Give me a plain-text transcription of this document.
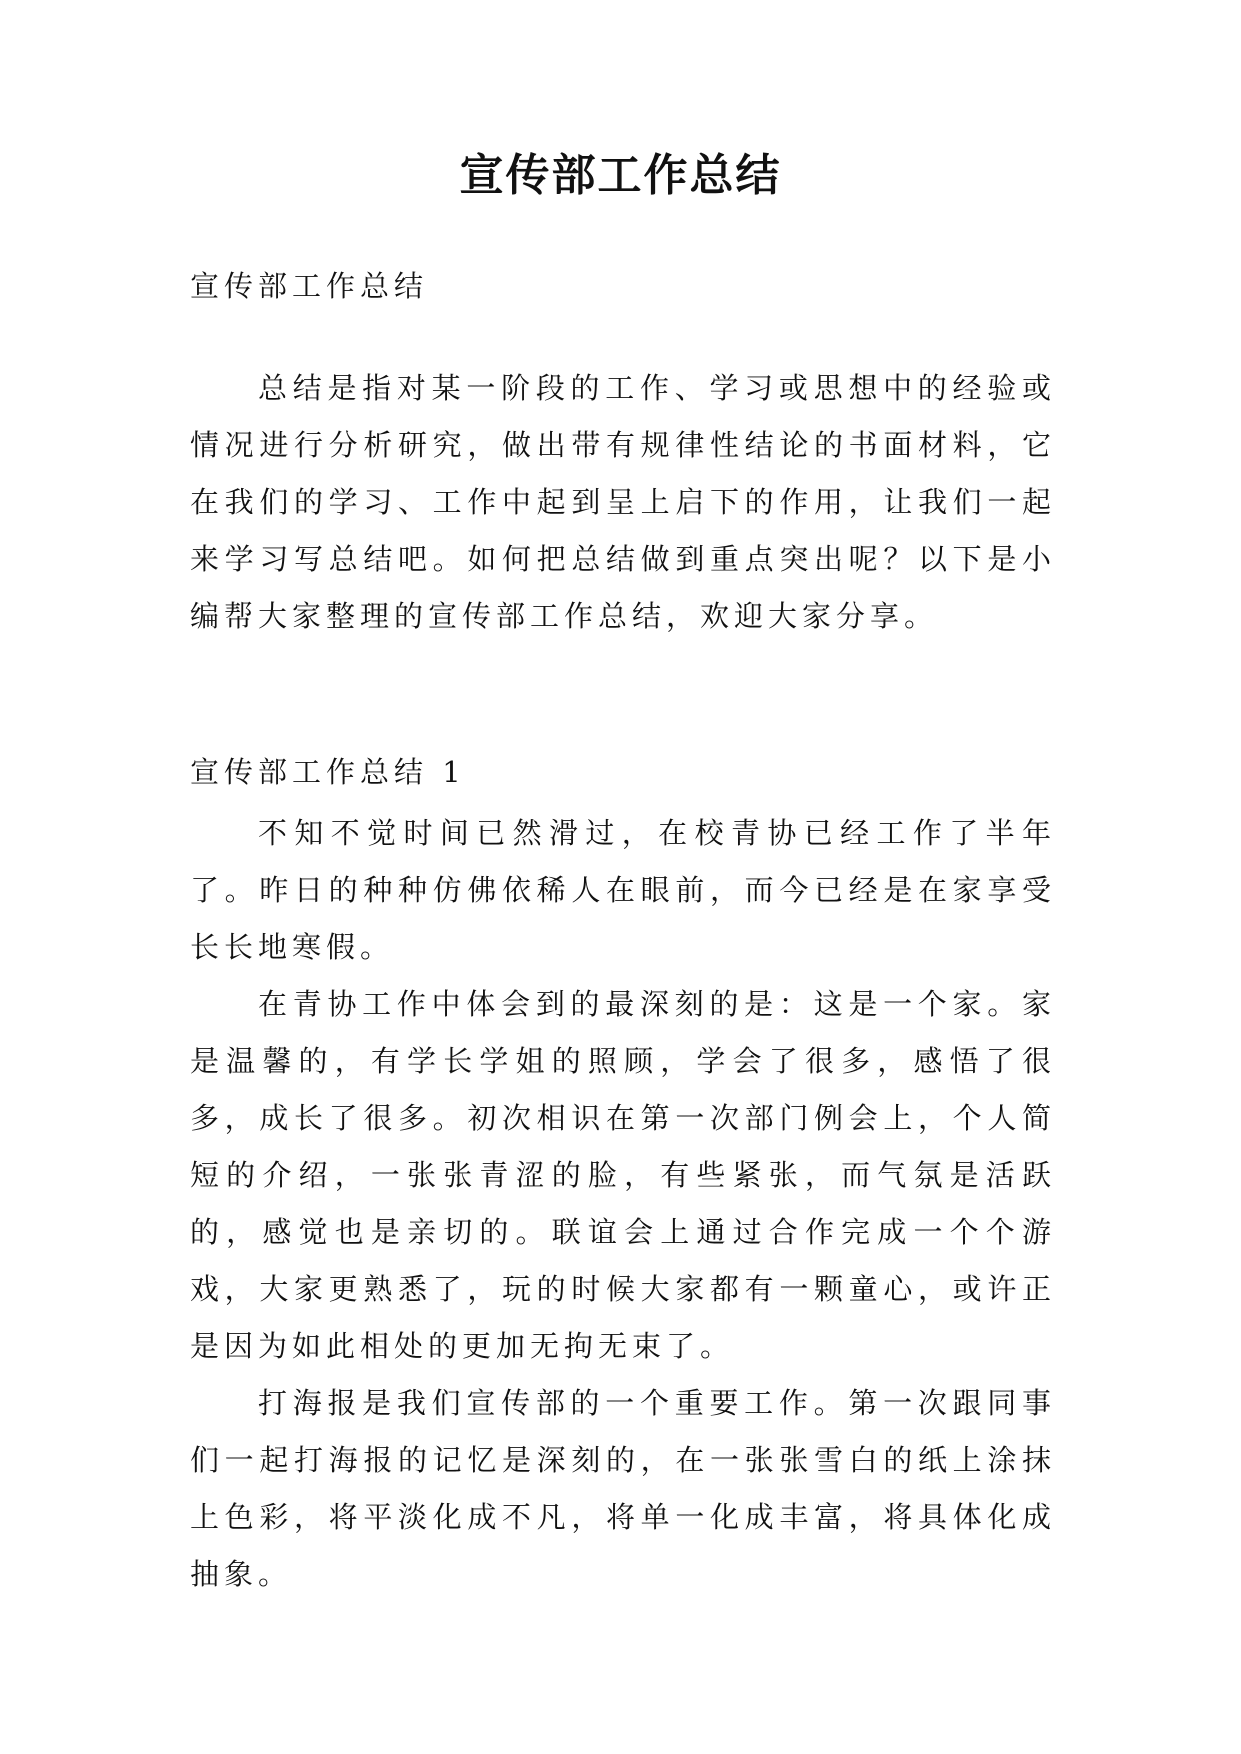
宣传部工作总结
宣传部工作总结

总结是指对某一阶段的工作、学习或思想中的经验或情况进行分析研究，做出带有规律性结论的书面材料，它在我们的学习、工作中起到呈上启下的作用，让我们一起来学习写总结吧。如何把总结做到重点突出呢？以下是小编帮大家整理的宣传部工作总结，欢迎大家分享。

宣传部工作总结 1

不知不觉时间已然滑过，在校青协已经工作了半年了。昨日的种种仿佛依稀人在眼前，而今已经是在家享受长长地寒假。

在青协工作中体会到的最深刻的是：这是一个家。家是温馨的，有学长学姐的照顾，学会了很多，感悟了很多，成长了很多。初次相识在第一次部门例会上，个人简短的介绍，一张张青涩的脸，有些紧张，而气氛是活跃的，感觉也是亲切的。联谊会上通过合作完成一个个游戏，大家更熟悉了，玩的时候大家都有一颗童心，或许正是因为如此相处的更加无拘无束了。

打海报是我们宣传部的一个重要工作。第一次跟同事们一起打海报的记忆是深刻的，在一张张雪白的纸上涂抹上色彩，将平淡化成不凡，将单一化成丰富，将具体化成抽象。
